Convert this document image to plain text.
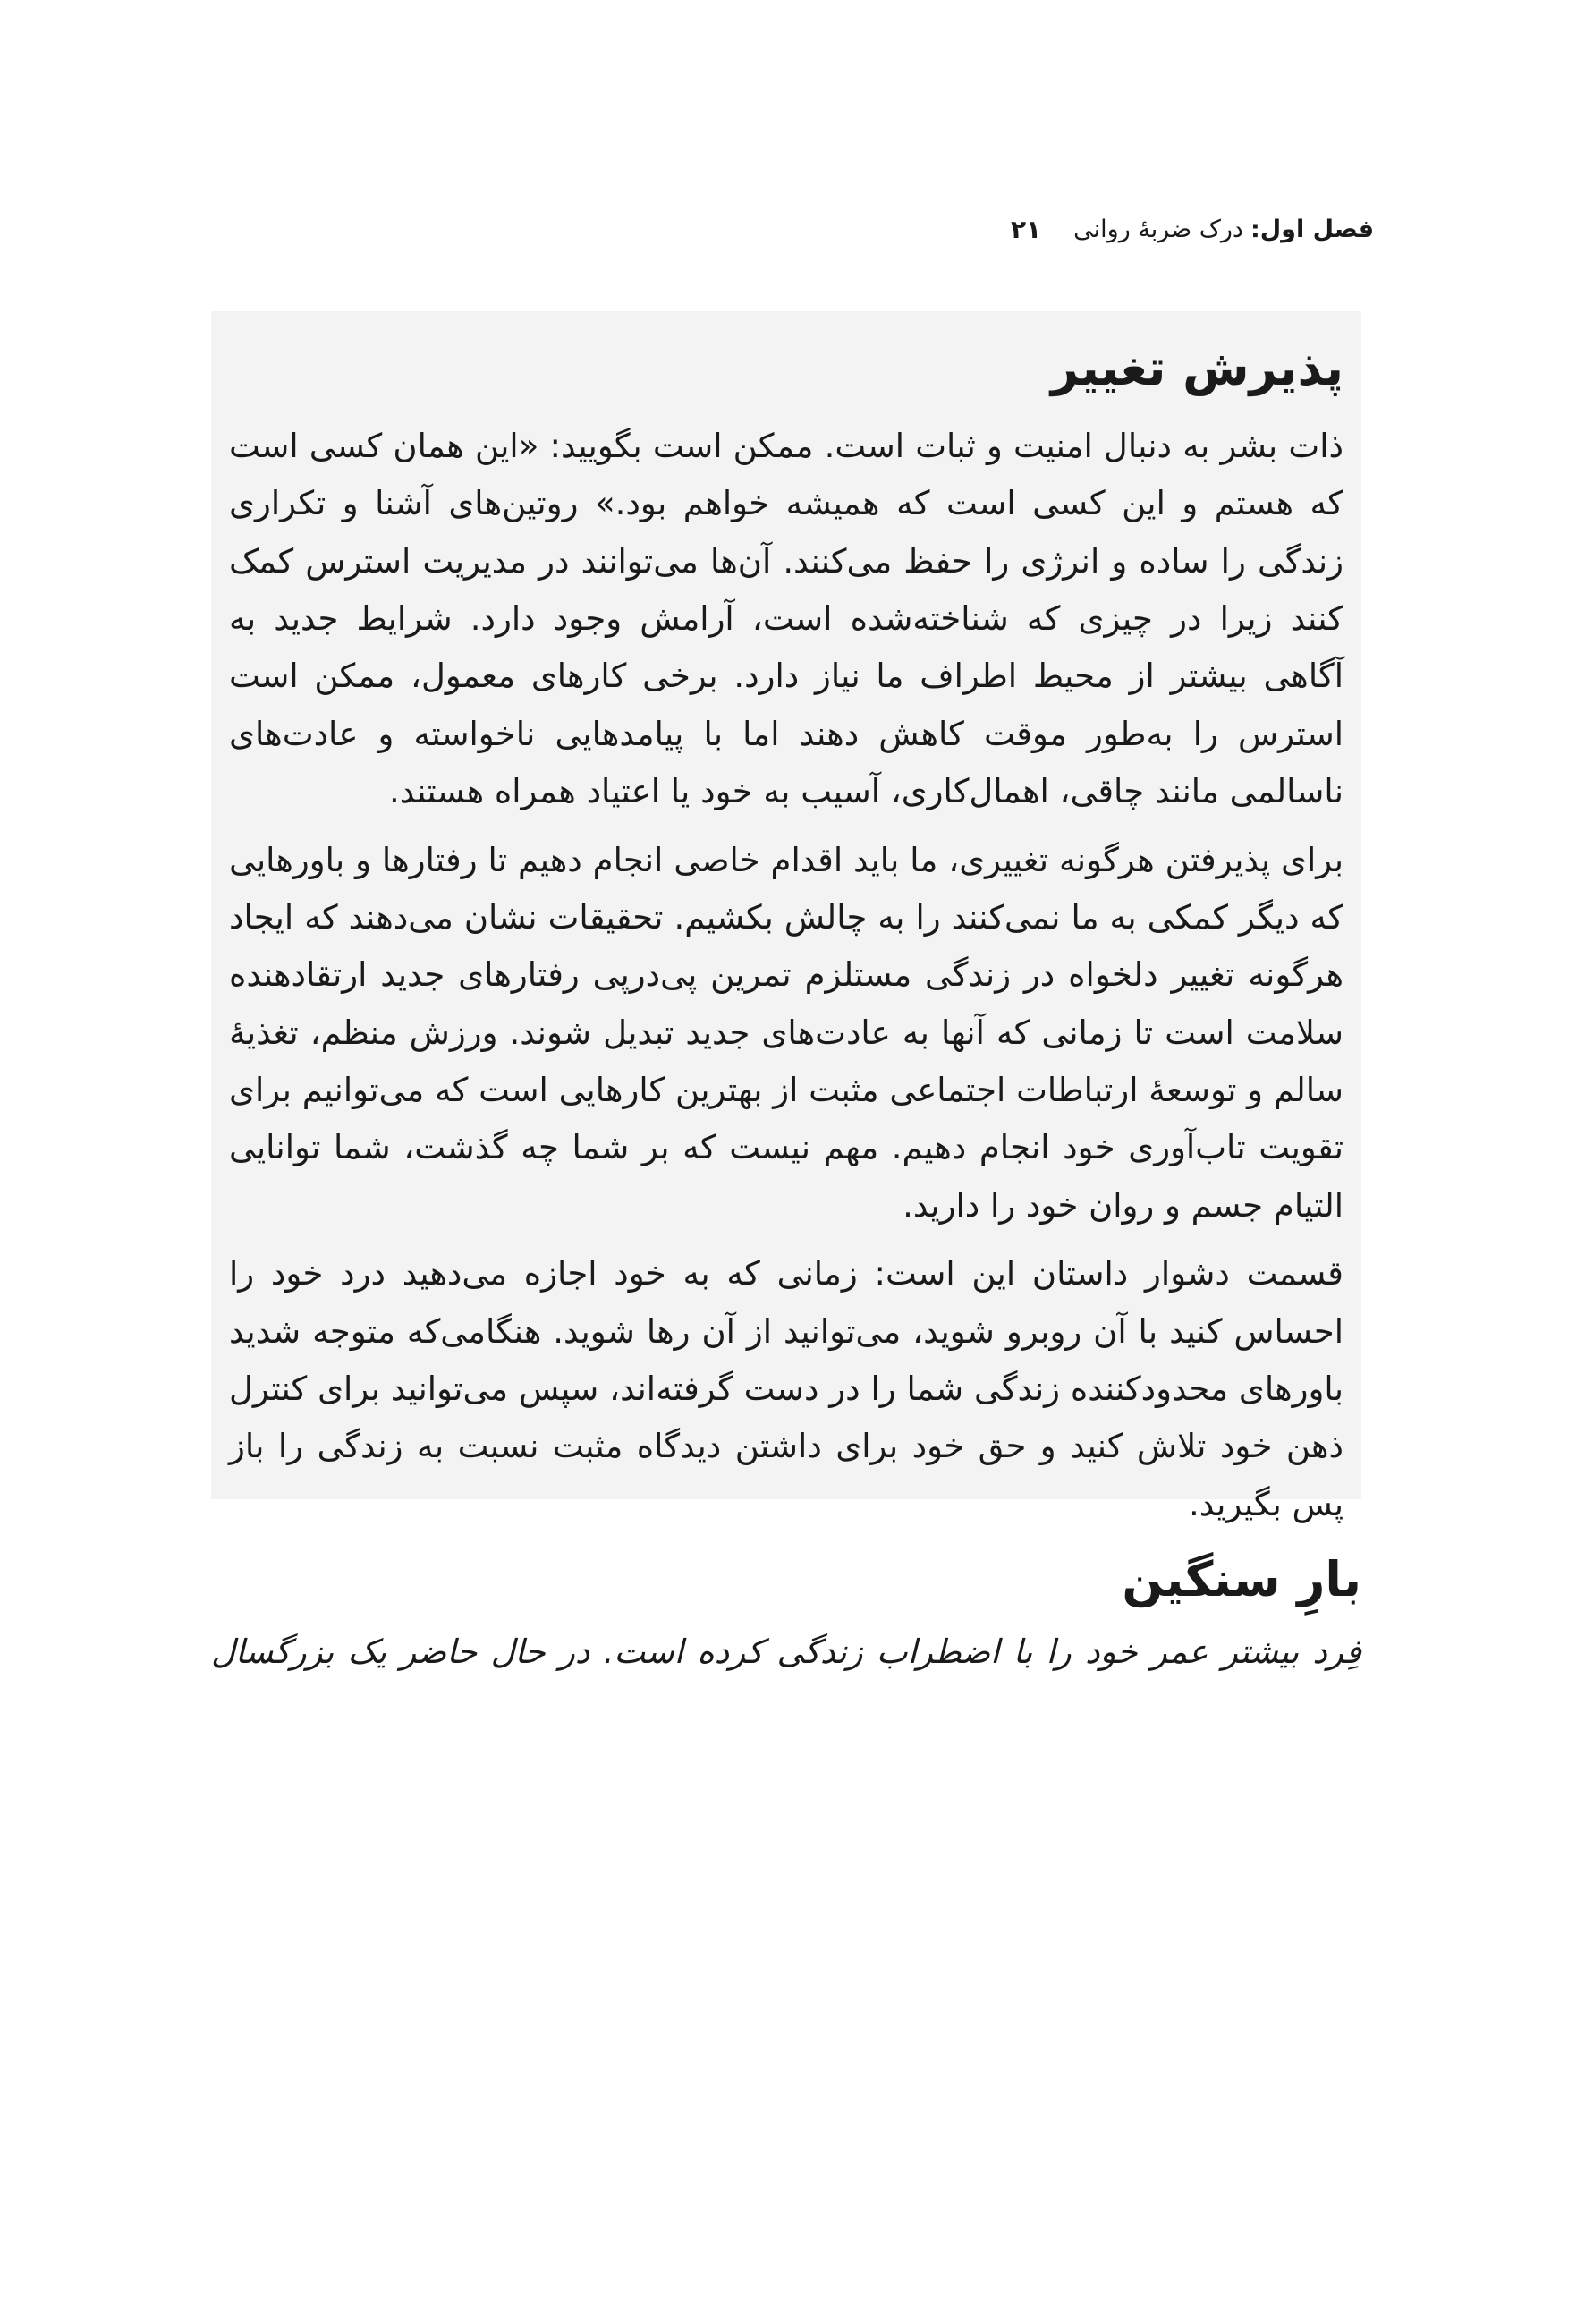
فصل اول:
درک ضربهٔ روانی
۲۱
پذیرش تغییر

ذات بشر به دنبال امنیت و ثبات است. ممکن است بگویید: «این همان کسی است که هستم و این کسی است که همیشه خواهم بود.» روتین‌های آشنا و تکراری زندگی را ساده و انرژی را حفظ می‌کنند. آن‌ها می‌توانند در مدیریت استرس کمک کنند زیرا در چیزی که شناخته‌شده است، آرامش وجود دارد. شرایط جدید به آگاهی بیشتر از محیط اطراف ما نیاز دارد. برخی کارهای معمول، ممکن است استرس را به‌طور موقت کاهش دهند اما با پیامدهایی ناخواسته و عادت‌های ناسالمی مانند چاقی، اهمال‌کاری، آسیب به خود یا اعتیاد همراه هستند.

برای پذیرفتن هرگونه تغییری، ما باید اقدام خاصی انجام دهیم تا رفتارها و باورهایی که دیگر کمکی به ما نمی‌کنند را به چالش بکشیم. تحقیقات نشان می‌دهند که ایجاد هرگونه تغییر دلخواه در زندگی مستلزم تمرین پی‌درپی رفتارهای جدید ارتقادهنده سلامت است تا زمانی که آنها به عادت‌های جدید تبدیل شوند. ورزش منظم، تغذیهٔ سالم و توسعهٔ ارتباطات اجتماعی مثبت از بهترین کارهایی است که می‌توانیم برای تقویت تاب‌آوری خود انجام دهیم. مهم نیست که بر شما چه گذشت، شما توانایی التیام جسم و روان خود را دارید.

قسمت دشوار داستان این است: زمانی که به خود اجازه می‌دهید درد خود را احساس کنید با آن روبرو شوید، می‌توانید از آن رها شوید. هنگامی‌که متوجه شدید باورهای محدودکننده زندگی شما را در دست گرفته‌اند، سپس می‌توانید برای کنترل ذهن خود تلاش کنید و حق خود برای داشتن دیدگاه مثبت نسبت به زندگی را باز پس بگیرید.

بارِ سنگین

فِرد بیشتر عمر خود را با اضطراب زندگی کرده است. در حال حاضر یک بزرگسال
